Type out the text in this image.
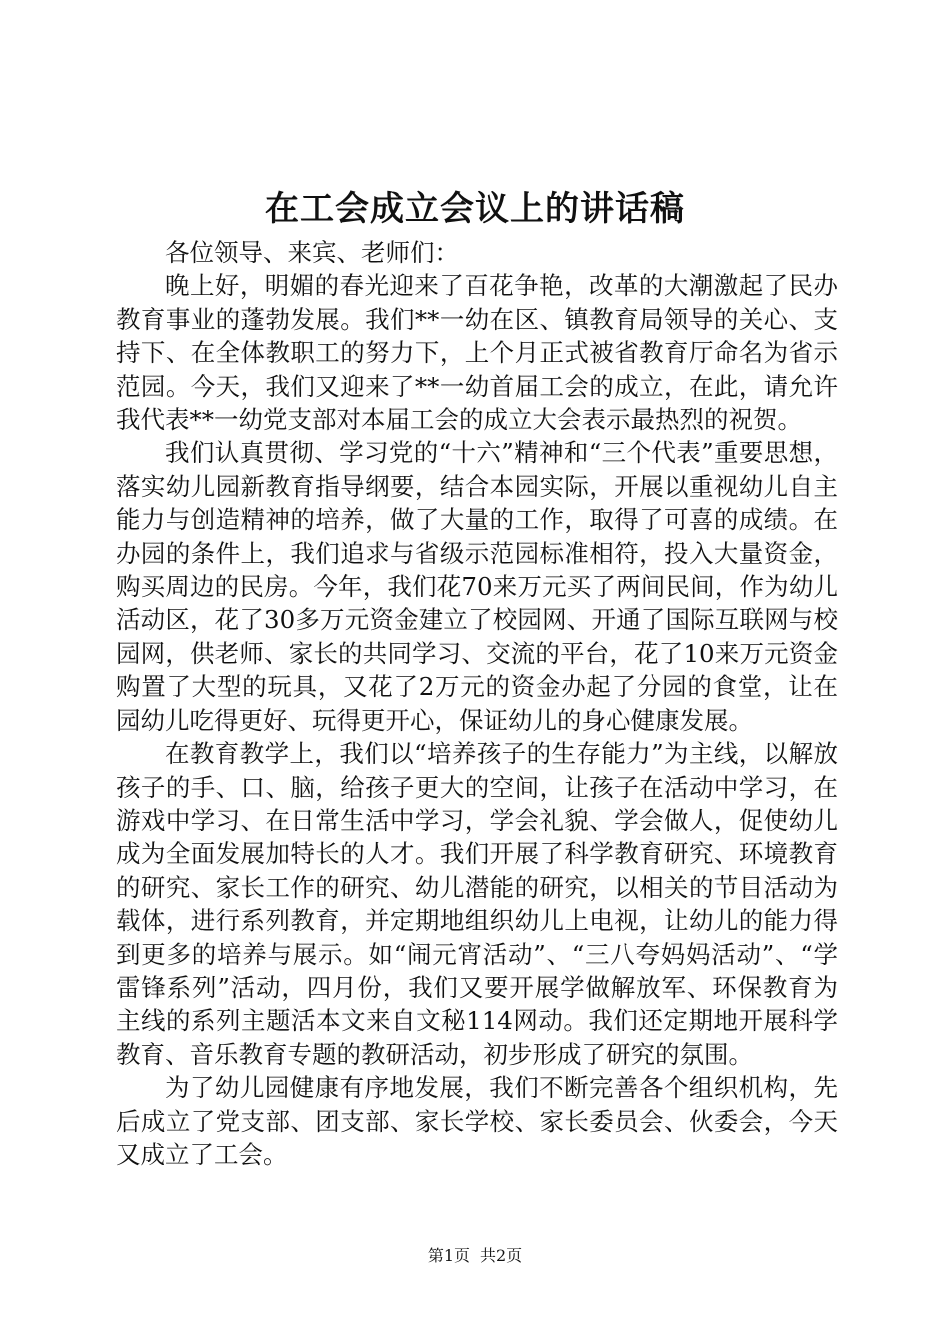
在工会成立会议上的讲话稿

各位领导、来宾、老师们：

晚上好，明媚的春光迎来了百花争艳，改革的大潮激起了民办教育事业的蓬勃发展。我们**一幼在区、镇教育局领导的关心、支持下、在全体教职工的努力下，上个月正式被省教育厅命名为省示范园。今天，我们又迎来了**一幼首届工会的成立，在此，请允许我代表**一幼党支部对本届工会的成立大会表示最热烈的祝贺。

我们认真贯彻、学习党的“十六”精神和“三个代表”重要思想，落实幼儿园新教育指导纲要，结合本园实际，开展以重视幼儿自主能力与创造精神的培养，做了大量的工作，取得了可喜的成绩。在办园的条件上，我们追求与省级示范园标准相符，投入大量资金，购买周边的民房。今年，我们花70来万元买了两间民间，作为幼儿活动区，花了30多万元资金建立了校园网、开通了国际互联网与校园网，供老师、家长的共同学习、交流的平台，花了10来万元资金购置了大型的玩具，又花了2万元的资金办起了分园的食堂，让在园幼儿吃得更好、玩得更开心，保证幼儿的身心健康发展。

在教育教学上，我们以“培养孩子的生存能力”为主线，以解放孩子的手、口、脑，给孩子更大的空间，让孩子在活动中学习，在游戏中学习、在日常生活中学习，学会礼貌、学会做人，促使幼儿成为全面发展加特长的人才。我们开展了科学教育研究、环境教育的研究、家长工作的研究、幼儿潜能的研究，以相关的节目活动为载体，进行系列教育，并定期地组织幼儿上电视，让幼儿的能力得到更多的培养与展示。如“闹元宵活动”、“三八夸妈妈活动”、“学雷锋系列”活动，四月份，我们又要开展学做解放军、环保教育为主线的系列主题活本文来自文秘114网动。我们还定期地开展科学教育、音乐教育专题的教研活动，初步形成了研究的氛围。

为了幼儿园健康有序地发展，我们不断完善各个组织机构，先后成立了党支部、团支部、家长学校、家长委员会、伙委会，今天又成立了工会。

第1页 共2页
